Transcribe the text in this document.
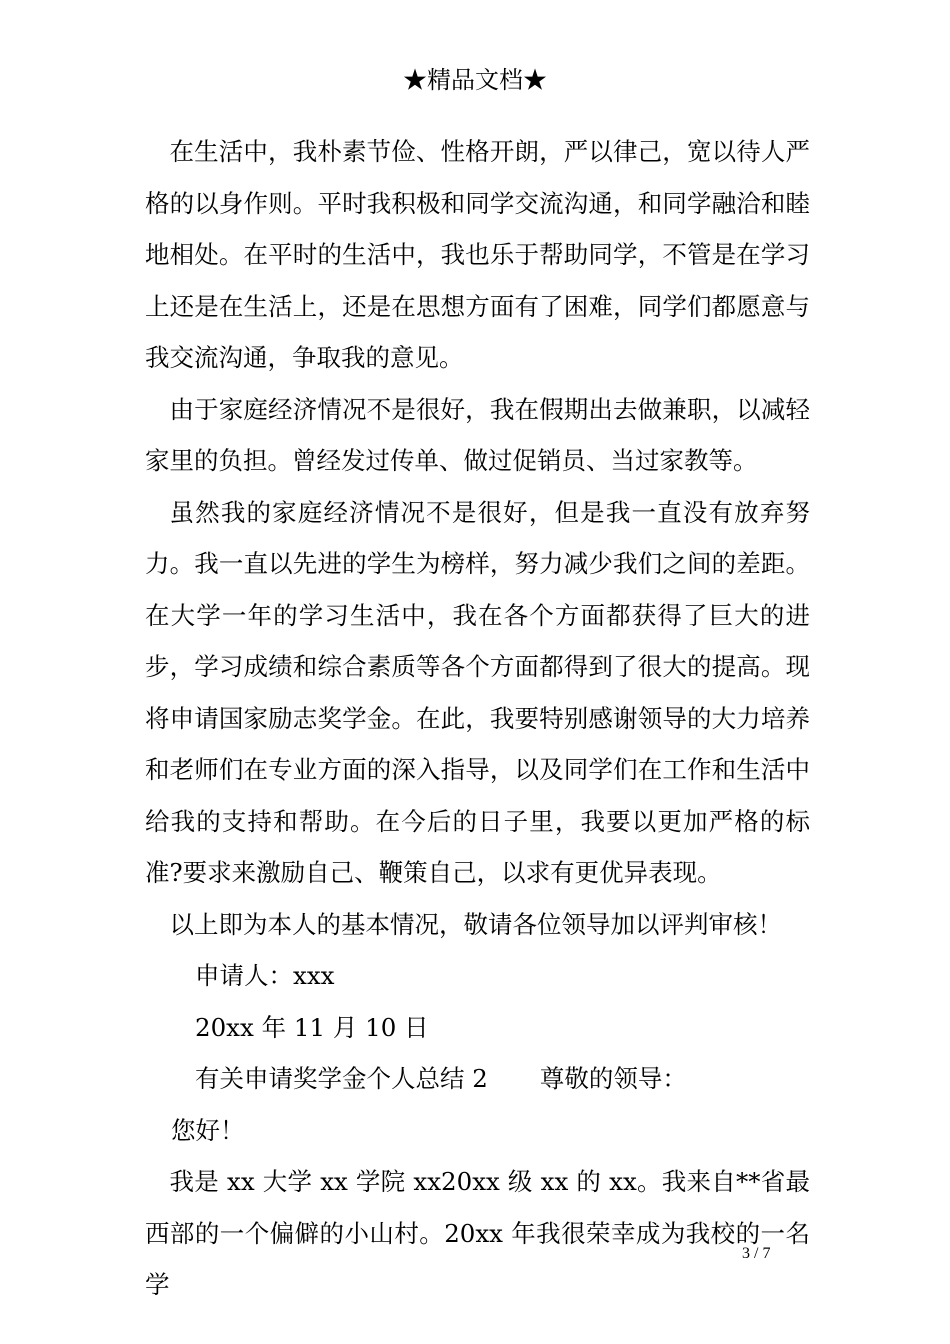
★精品文档★

在生活中，我朴素节俭、性格开朗，严以律己，宽以待人严格的以身作则。平时我积极和同学交流沟通，和同学融洽和睦地相处。在平时的生活中，我也乐于帮助同学，不管是在学习上还是在生活上，还是在思想方面有了困难，同学们都愿意与我交流沟通，争取我的意见。

由于家庭经济情况不是很好，我在假期出去做兼职，以减轻家里的负担。曾经发过传单、做过促销员、当过家教等。

虽然我的家庭经济情况不是很好，但是我一直没有放弃努力。我一直以先进的学生为榜样，努力减少我们之间的差距。在大学一年的学习生活中，我在各个方面都获得了巨大的进步，学习成绩和综合素质等各个方面都得到了很大的提高。现将申请国家励志奖学金。在此，我要特别感谢领导的大力培养和老师们在专业方面的深入指导，以及同学们在工作和生活中给我的支持和帮助。在今后的日子里，我要以更加严格的标准?要求来激励自己、鞭策自己，以求有更优异表现。

以上即为本人的基本情况，敬请各位领导加以评判审核！

申请人：xxx

20xx 年 11 月 10 日

有关申请奖学金个人总结 2 尊敬的领导：

您好！

我是 xx 大学 xx 学院 xx20xx 级 xx 的 xx。我来自**省最西部的一个偏僻的小山村。20xx 年我很荣幸成为我校的一名学

3 / 7
